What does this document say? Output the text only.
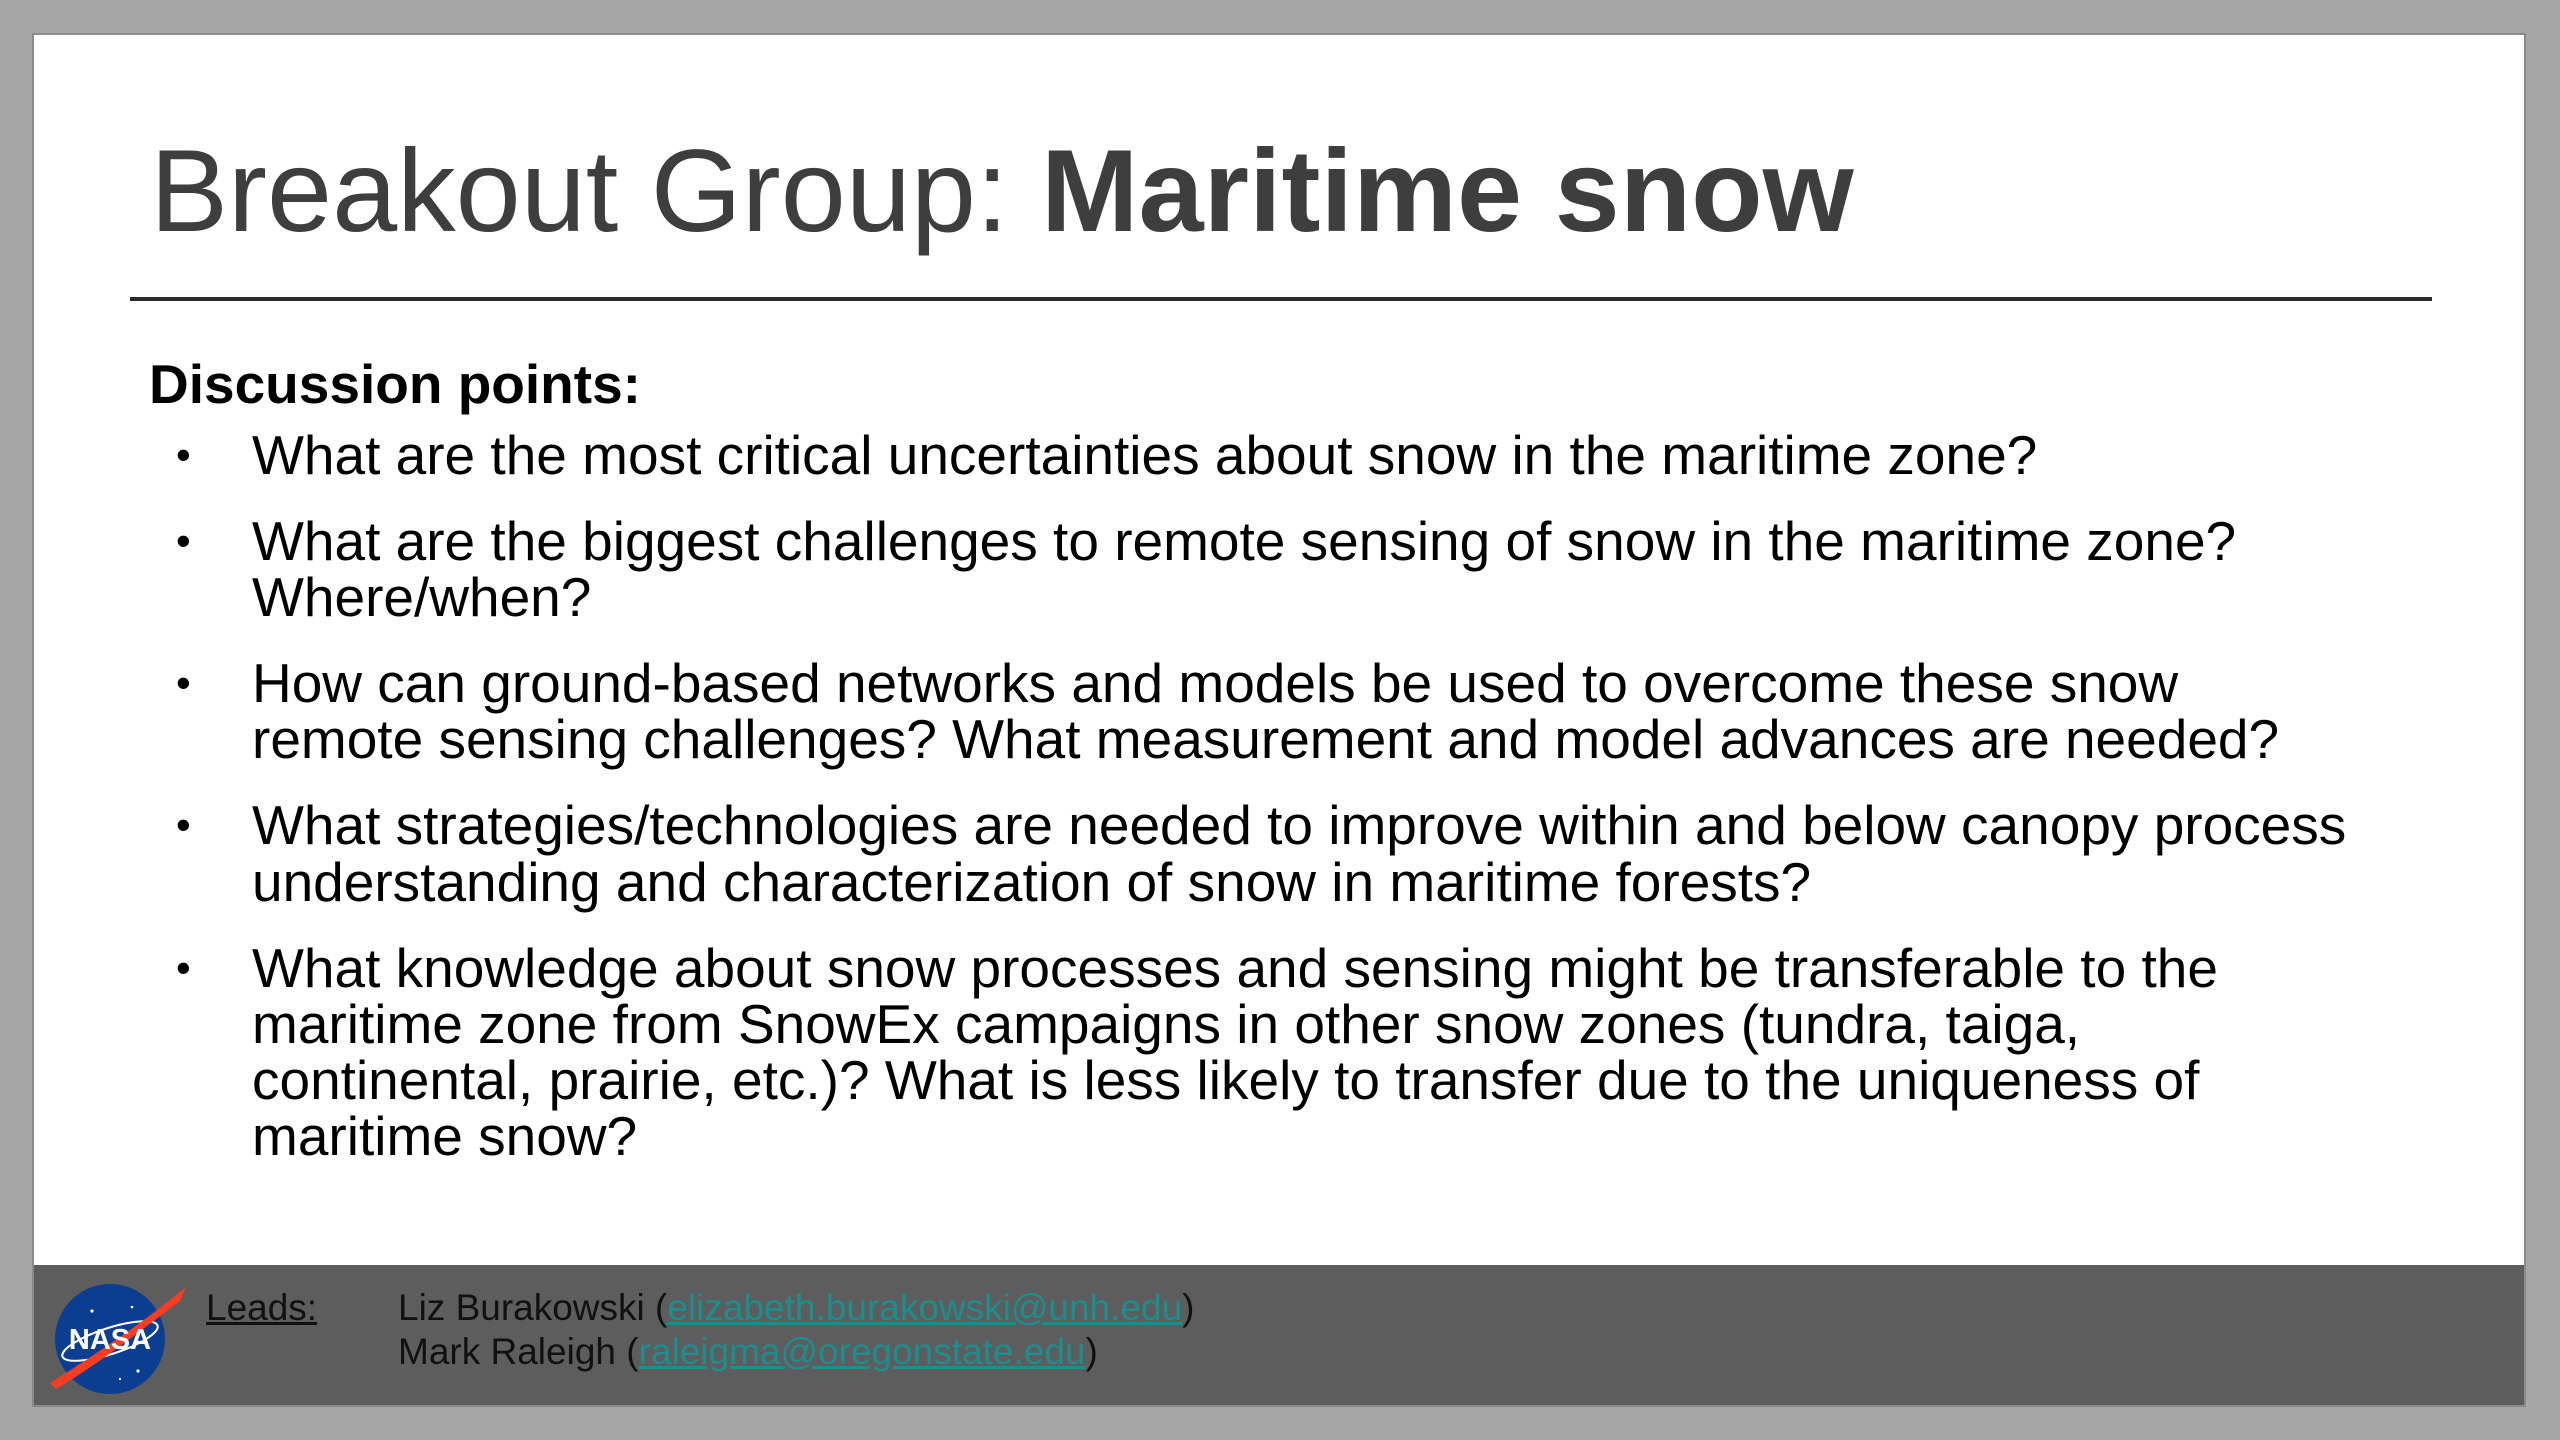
Breakout Group: Maritime snow
Discussion points:
• What are the most critical uncertainties about snow in the maritime zone?
• What are the biggest challenges to remote sensing of snow in the maritime zone? Where/when?
• How can ground-based networks and models be used to overcome these snow remote sensing challenges? What measurement and model advances are needed?
• What strategies/technologies are needed to improve within and below canopy process understanding and characterization of snow in maritime forests?
• What knowledge about snow processes and sensing might be transferable to the maritime zone from SnowEx campaigns in other snow zones (tundra, taiga, continental, prairie, etc.)? What is less likely to transfer due to the uniqueness of maritime snow?
NASA
Leads: Liz Burakowski (elizabeth.burakowski@unh.edu)
Mark Raleigh (raleigma@oregonstate.edu)
